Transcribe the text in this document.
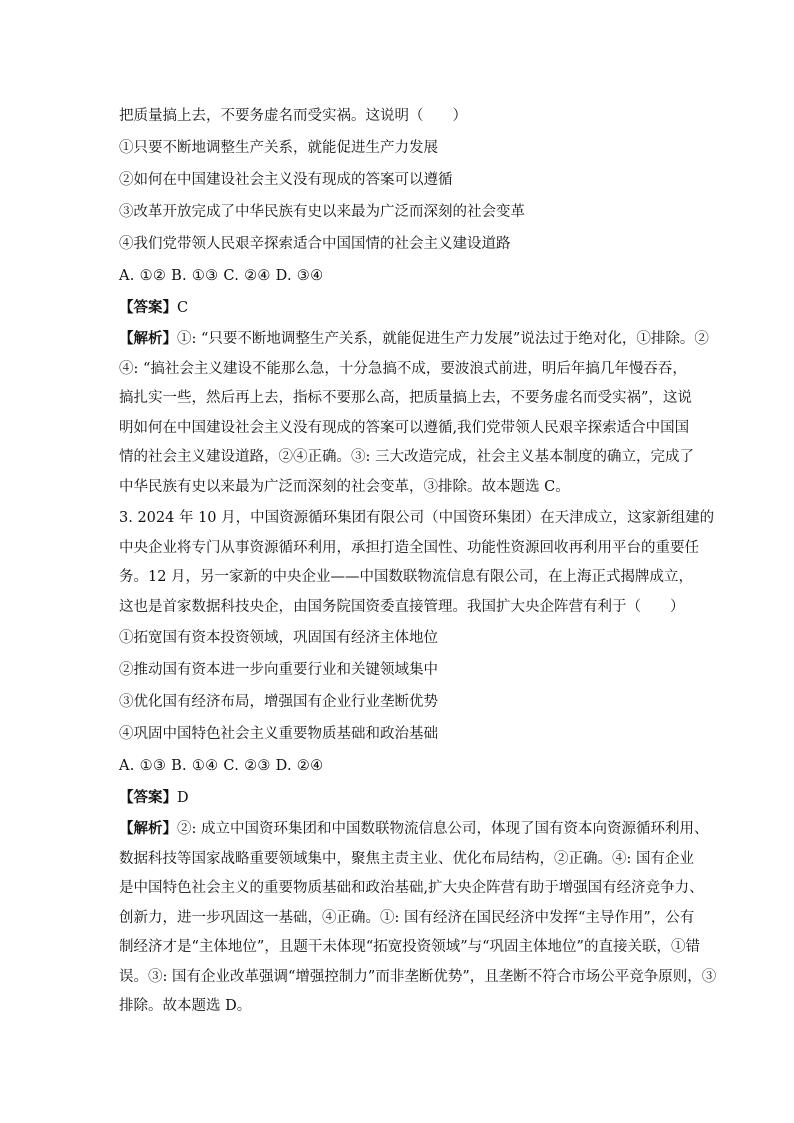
把质量搞上去，不要务虚名而受实祸。这说明（　　）
①只要不断地调整生产关系，就能促进生产力发展
②如何在中国建设社会主义没有现成的答案可以遵循
③改革开放完成了中华民族有史以来最为广泛而深刻的社会变革
④我们党带领人民艰辛探索适合中国国情的社会主义建设道路
A. ①② B. ①③ C. ②④ D. ③④
【答案】C
【解析】①: “只要不断地调整生产关系，就能促进生产力发展”说法过于绝对化，①排除。②
④: “搞社会主义建设不能那么急，十分急搞不成，要波浪式前进，明后年搞几年慢吞吞，
搞扎实一些，然后再上去，指标不要那么高，把质量搞上去，不要务虚名而受实祸”，这说
明如何在中国建设社会主义没有现成的答案可以遵循,我们党带领人民艰辛探索适合中国国
情的社会主义建设道路，②④正确。③: 三大改造完成，社会主义基本制度的确立，完成了
中华民族有史以来最为广泛而深刻的社会变革，③排除。故本题选 C。
3. 2024 年 10 月，中国资源循环集团有限公司（中国资环集团）在天津成立，这家新组建的
中央企业将专门从事资源循环利用，承担打造全国性、功能性资源回收再利用平台的重要任
务。12 月，另一家新的中央企业——中国数联物流信息有限公司，在上海正式揭牌成立，
这也是首家数据科技央企，由国务院国资委直接管理。我国扩大央企阵营有利于（　　）
①拓宽国有资本投资领域，巩固国有经济主体地位
②推动国有资本进一步向重要行业和关键领域集中
③优化国有经济布局，增强国有企业行业垄断优势
④巩固中国特色社会主义重要物质基础和政治基础
A. ①③ B. ①④ C. ②③ D. ②④
【答案】D
【解析】②: 成立中国资环集团和中国数联物流信息公司，体现了国有资本向资源循环利用、
数据科技等国家战略重要领域集中，聚焦主责主业、优化布局结构，②正确。④: 国有企业
是中国特色社会主义的重要物质基础和政治基础,扩大央企阵营有助于增强国有经济竞争力、
创新力，进一步巩固这一基础，④正确。①: 国有经济在国民经济中发挥“主导作用”，公有
制经济才是“主体地位”，且题干未体现“拓宽投资领域”与“巩固主体地位”的直接关联，①错
误。③: 国有企业改革强调“增强控制力”而非垄断优势”，且垄断不符合市场公平竞争原则，③
排除。故本题选 D。
